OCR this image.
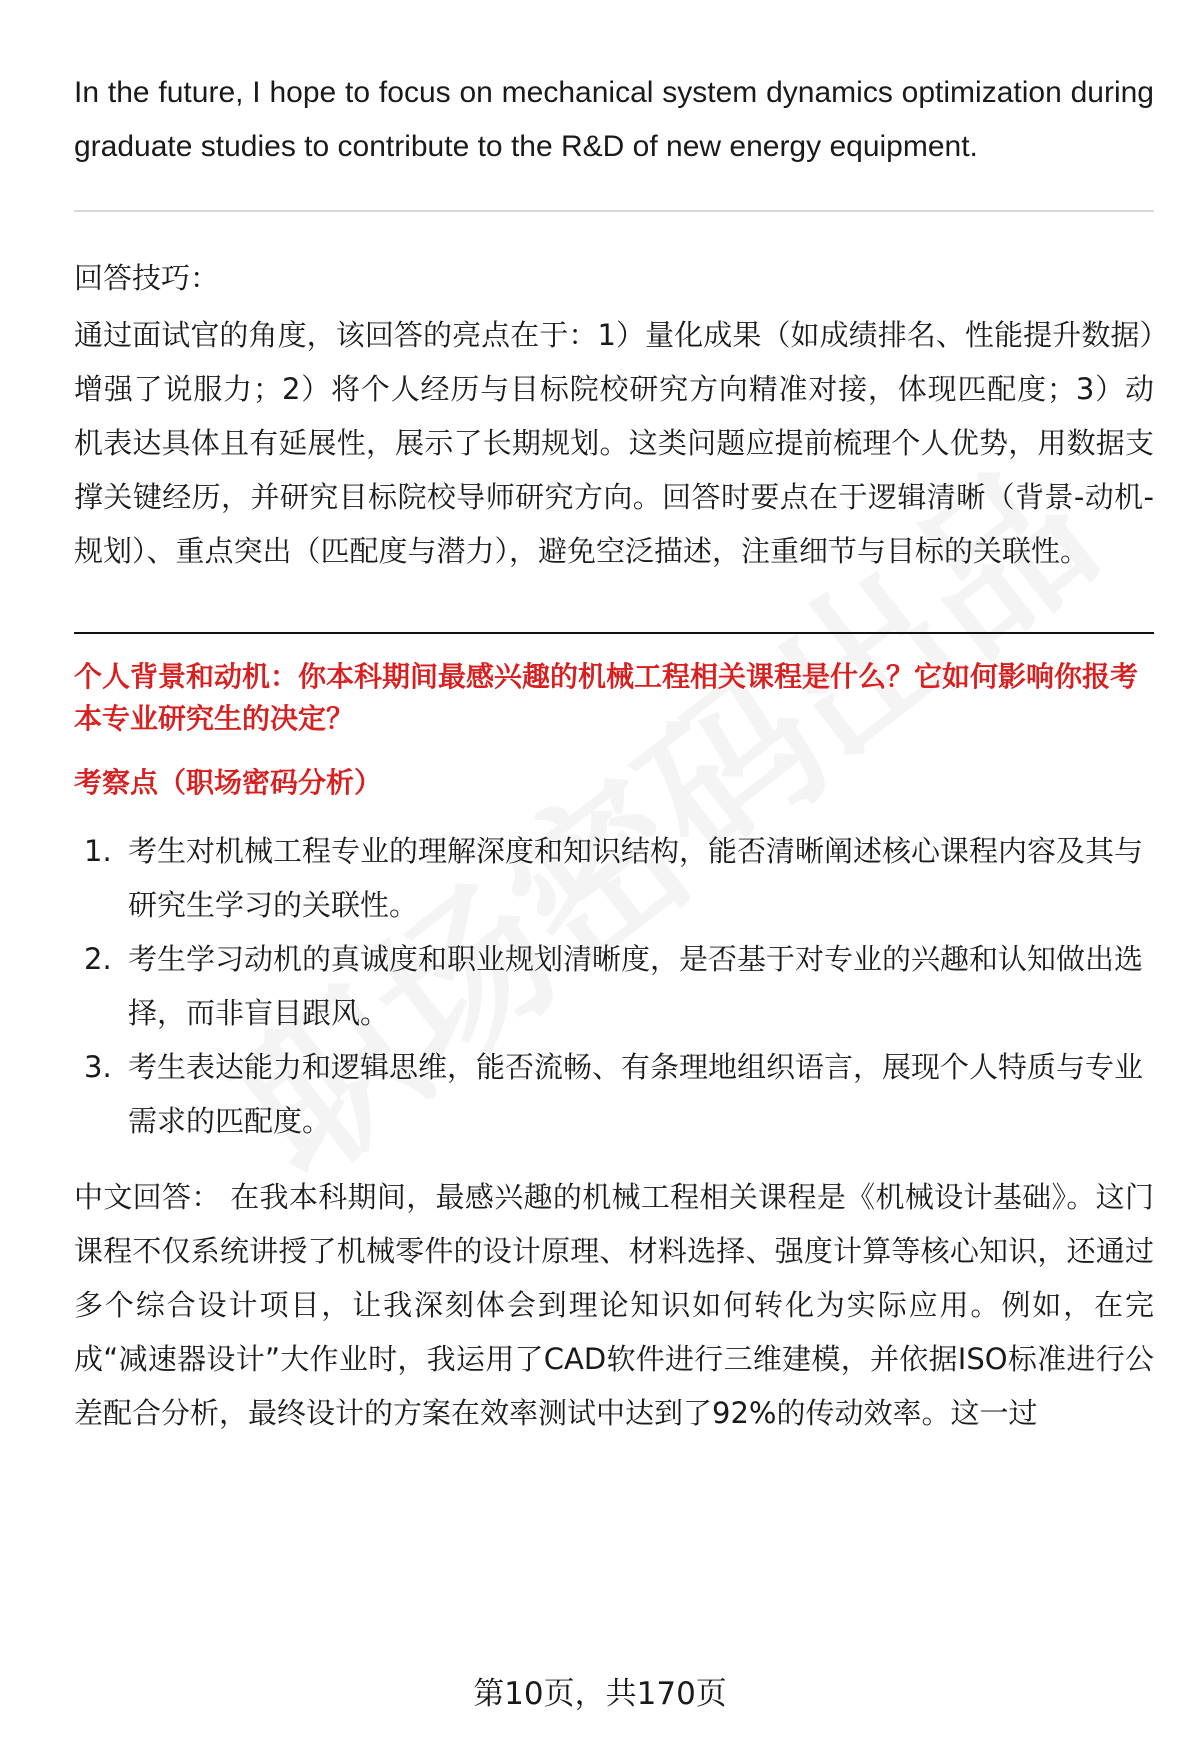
In the future, I hope to focus on mechanical system dynamics optimization during graduate studies to contribute to the R&D of new energy equipment.

回答技巧：

通过面试官的角度，该回答的亮点在于：1）量化成果（如成绩排名、性能提升数据）增强了说服力；2）将个人经历与目标院校研究方向精准对接，体现匹配度；3）动机表达具体且有延展性，展示了长期规划。这类问题应提前梳理个人优势，用数据支撑关键经历，并研究目标院校导师研究方向。回答时要点在于逻辑清晰（背景-动机-规划）、重点突出（匹配度与潜力），避免空泛描述，注重细节与目标的关联性。

个人背景和动机：你本科期间最感兴趣的机械工程相关课程是什么？它如何影响你报考本专业研究生的决定？

考察点（职场密码分析）

1. 考生对机械工程专业的理解深度和知识结构，能否清晰阐述核心课程内容及其与研究生学习的关联性。
2. 考生学习动机的真诚度和职业规划清晰度，是否基于对专业的兴趣和认知做出选择，而非盲目跟风。
3. 考生表达能力和逻辑思维，能否流畅、有条理地组织语言，展现个人特质与专业需求的匹配度。

中文回答： 在我本科期间，最感兴趣的机械工程相关课程是《机械设计基础》。这门课程不仅系统讲授了机械零件的设计原理、材料选择、强度计算等核心知识，还通过多个综合设计项目，让我深刻体会到理论知识如何转化为实际应用。例如，在完成“减速器设计”大作业时，我运用了CAD软件进行三维建模，并依据ISO标准进行公差配合分析，最终设计的方案在效率测试中达到了92%的传动效率。这一过

第10页，共170页
